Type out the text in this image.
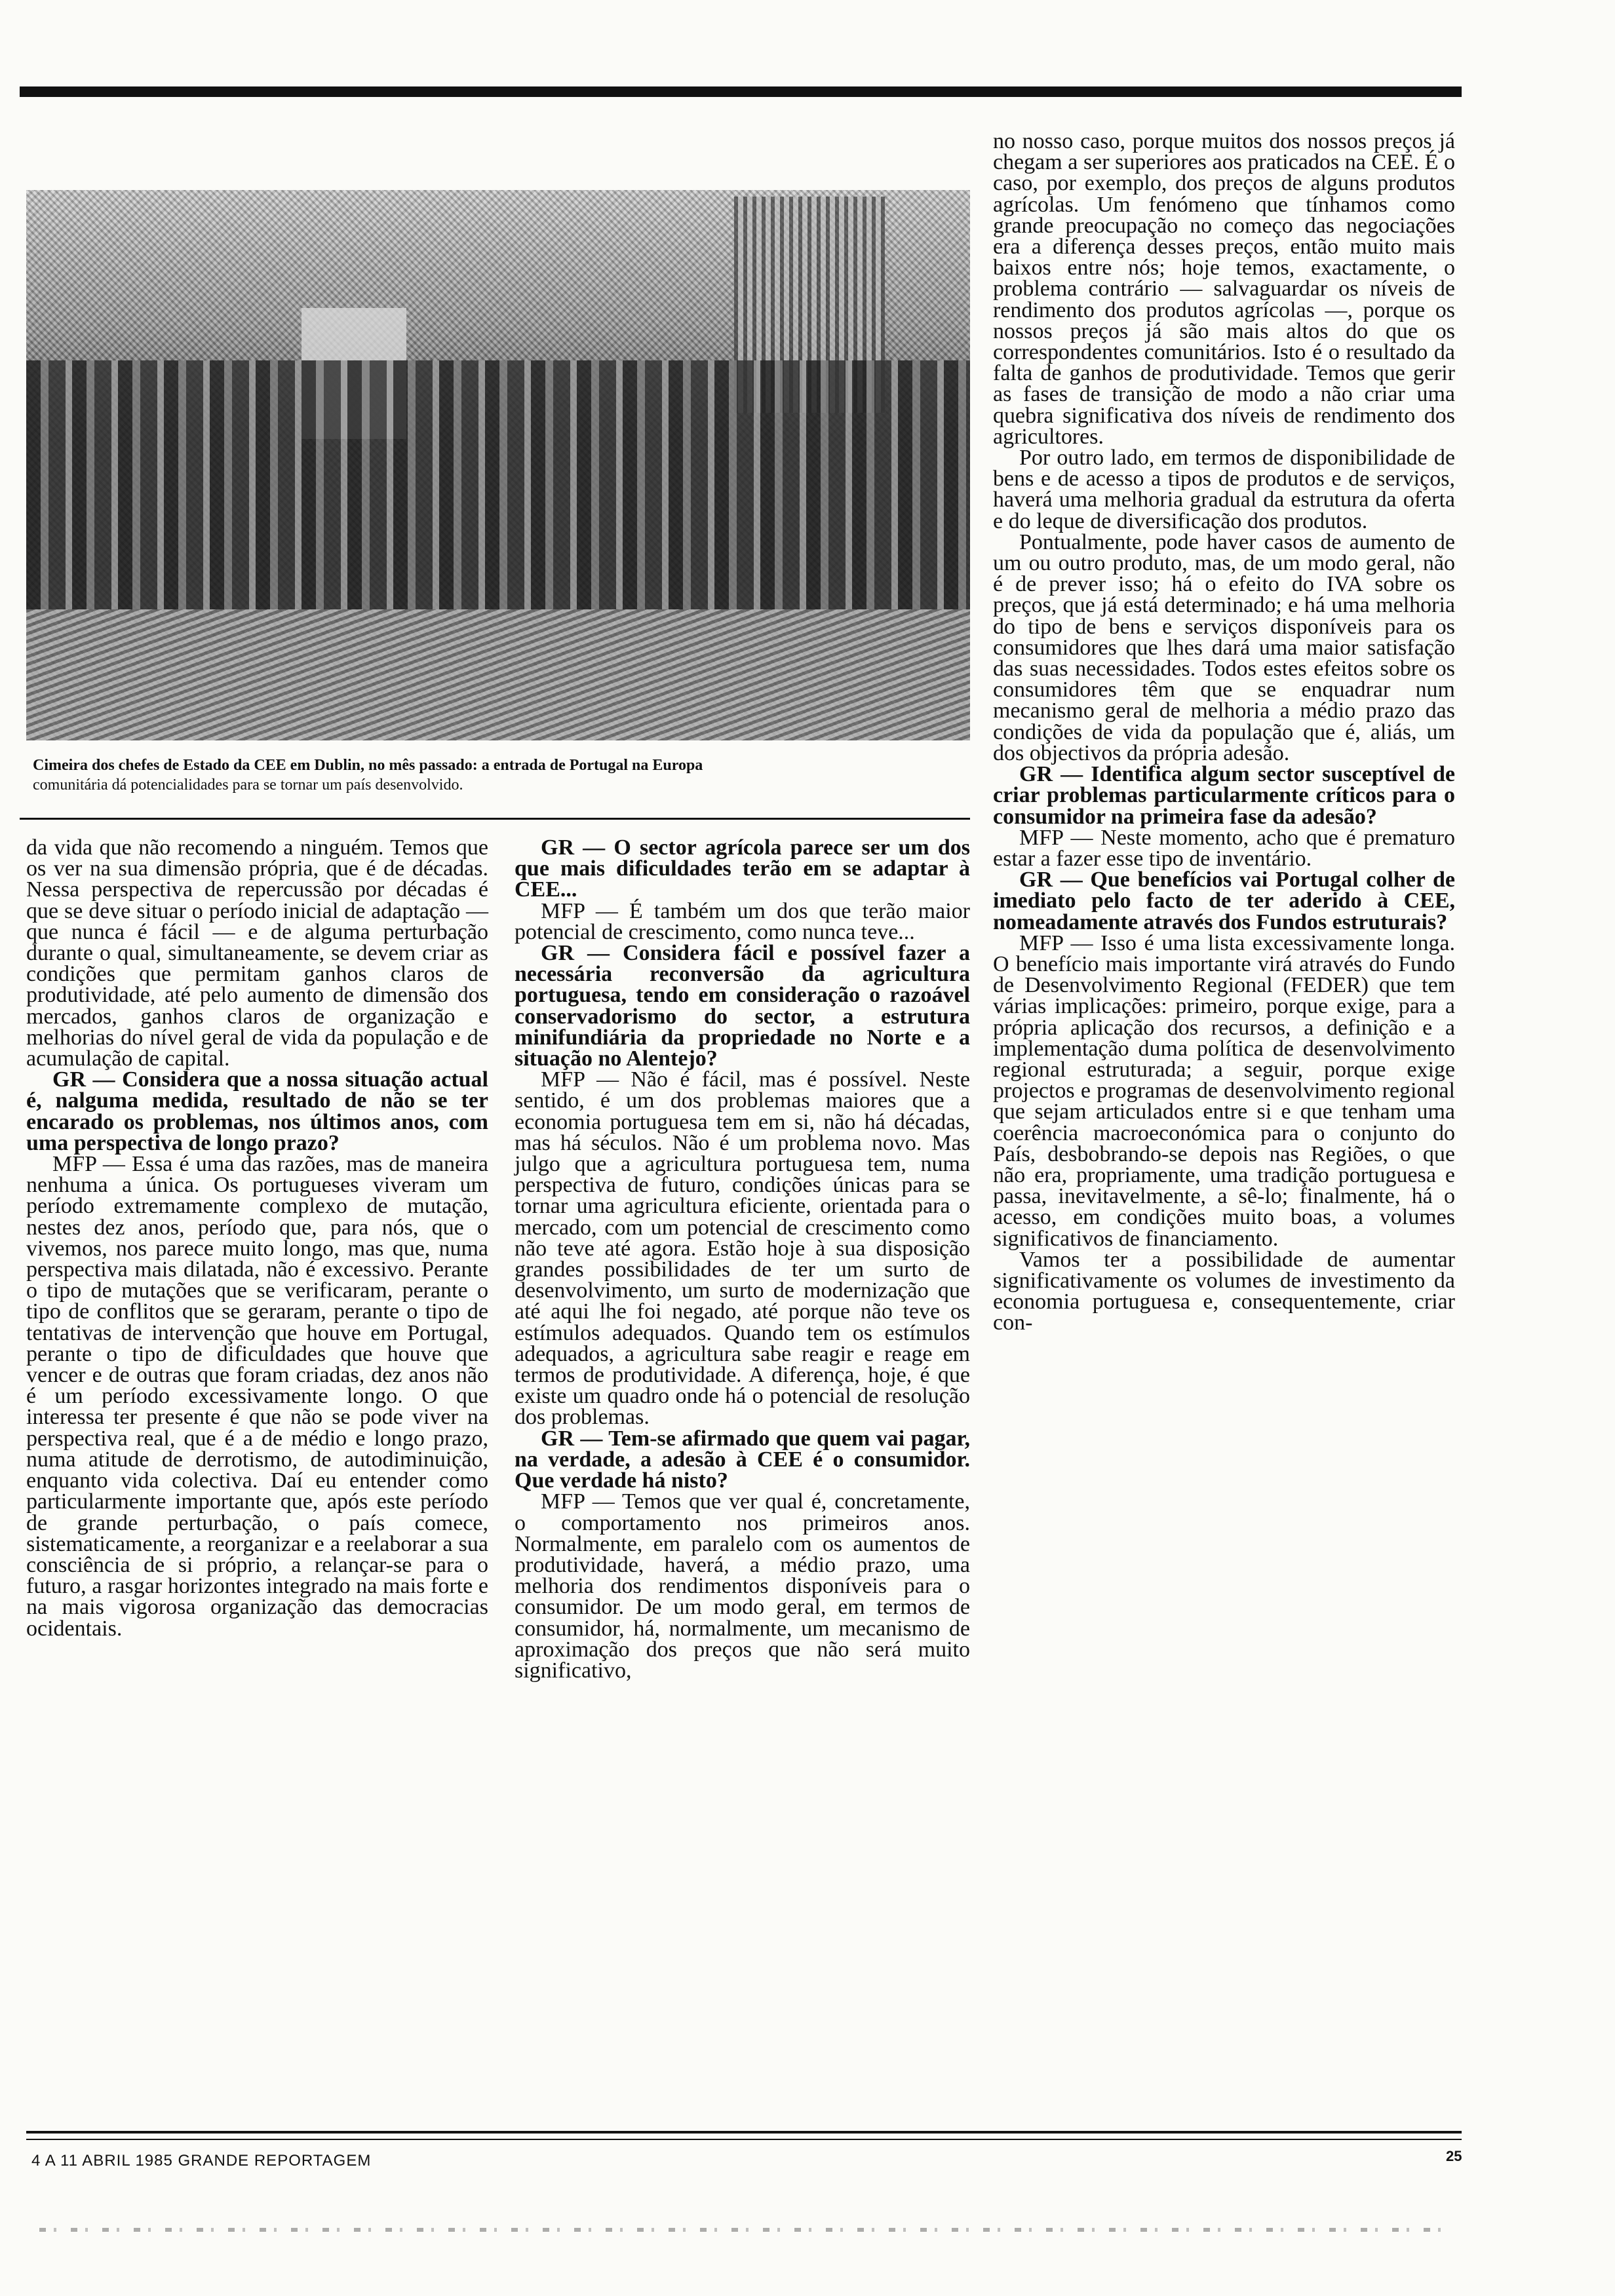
Cimeira dos chefes de Estado da CEE em Dublin, no mês passado: a entrada de Portugal na Europa
comunitária dá potencialidades para se tornar um país desenvolvido.

da vida que não recomendo a ninguém. Temos que os ver na sua dimensão própria, que é de décadas. Nessa perspectiva de repercussão por décadas é que se deve situar o período inicial de adaptação — que nunca é fácil — e de alguma perturbação durante o qual, simultaneamente, se devem criar as condições que permitam ganhos claros de produtividade, até pelo aumento de dimensão dos mercados, ganhos claros de organização e melhorias do nível geral de vida da população e de acumulação de capital.

GR — Considera que a nossa situação actual é, nalguma medida, resultado de não se ter encarado os problemas, nos últimos anos, com uma perspectiva de longo prazo?

MFP — Essa é uma das razões, mas de maneira nenhuma a única. Os portugueses viveram um período extremamente complexo de mutação, nestes dez anos, período que, para nós, que o vivemos, nos parece muito longo, mas que, numa perspectiva mais dilatada, não é excessivo. Perante o tipo de mutações que se verificaram, perante o tipo de conflitos que se geraram, perante o tipo de tentativas de intervenção que houve em Portugal, perante o tipo de dificuldades que houve que vencer e de outras que foram criadas, dez anos não é um período excessivamente longo. O que interessa ter presente é que não se pode viver na perspectiva real, que é a de médio e longo prazo, numa atitude de derrotismo, de autodiminuição, enquanto vida colectiva. Daí eu entender como particularmente importante que, após este período de grande perturbação, o país comece, sistematicamente, a reorganizar e a reelaborar a sua consciência de si próprio, a relançar-se para o futuro, a rasgar horizontes integrado na mais forte e na mais vigorosa organização das democracias ocidentais.

GR — O sector agrícola parece ser um dos que mais dificuldades terão em se adaptar à CEE...

MFP — É também um dos que terão maior potencial de crescimento, como nunca teve...

GR — Considera fácil e possível fazer a necessária reconversão da agricultura portuguesa, tendo em consideração o razoável conservadorismo do sector, a estrutura minifundiária da propriedade no Norte e a situação no Alentejo?

MFP — Não é fácil, mas é possível. Neste sentido, é um dos problemas maiores que a economia portuguesa tem em si, não há décadas, mas há séculos. Não é um problema novo. Mas julgo que a agricultura portuguesa tem, numa perspectiva de futuro, condições únicas para se tornar uma agricultura eficiente, orientada para o mercado, com um potencial de crescimento como não teve até agora. Estão hoje à sua disposição grandes possibilidades de ter um surto de desenvolvimento, um surto de modernização que até aqui lhe foi negado, até porque não teve os estímulos adequados. Quando tem os estímulos adequados, a agricultura sabe reagir e reage em termos de produtividade. A diferença, hoje, é que existe um quadro onde há o potencial de resolução dos problemas.

GR — Tem-se afirmado que quem vai pagar, na verdade, a adesão à CEE é o consumidor. Que verdade há nisto?

MFP — Temos que ver qual é, concretamente, o comportamento nos primeiros anos. Normalmente, em paralelo com os aumentos de produtividade, haverá, a médio prazo, uma melhoria dos rendimentos disponíveis para o consumidor. De um modo geral, em termos de consumidor, há, normalmente, um mecanismo de aproximação dos preços que não será muito significativo,

no nosso caso, porque muitos dos nossos preços já chegam a ser superiores aos praticados na CEE. É o caso, por exemplo, dos preços de alguns produtos agrícolas. Um fenómeno que tínhamos como grande preocupação no começo das negociações era a diferença desses preços, então muito mais baixos entre nós; hoje temos, exactamente, o problema contrário — salvaguardar os níveis de rendimento dos produtos agrícolas —, porque os nossos preços já são mais altos do que os correspondentes comunitários. Isto é o resultado da falta de ganhos de produtividade. Temos que gerir as fases de transição de modo a não criar uma quebra significativa dos níveis de rendimento dos agricultores.

Por outro lado, em termos de disponibilidade de bens e de acesso a tipos de produtos e de serviços, haverá uma melhoria gradual da estrutura da oferta e do leque de diversificação dos produtos.

Pontualmente, pode haver casos de aumento de um ou outro produto, mas, de um modo geral, não é de prever isso; há o efeito do IVA sobre os preços, que já está determinado; e há uma melhoria do tipo de bens e serviços disponíveis para os consumidores que lhes dará uma maior satisfação das suas necessidades. Todos estes efeitos sobre os consumidores têm que se enquadrar num mecanismo geral de melhoria a médio prazo das condições de vida da população que é, aliás, um dos objectivos da própria adesão.

GR — Identifica algum sector susceptível de criar problemas particularmente críticos para o consumidor na primeira fase da adesão?

MFP — Neste momento, acho que é prematuro estar a fazer esse tipo de inventário.

GR — Que benefícios vai Portugal colher de imediato pelo facto de ter aderido à CEE, nomeadamente através dos Fundos estruturais?

MFP — Isso é uma lista excessivamente longa. O benefício mais importante virá através do Fundo de Desenvolvimento Regional (FEDER) que tem várias implicações: primeiro, porque exige, para a própria aplicação dos recursos, a definição e a implementação duma política de desenvolvimento regional estruturada; a seguir, porque exige projectos e programas de desenvolvimento regional que sejam articulados entre si e que tenham uma coerência macroeconómica para o conjunto do País, desbobrando-se depois nas Regiões, o que não era, propriamente, uma tradição portuguesa e passa, inevitavelmente, a sê-lo; finalmente, há o acesso, em condições muito boas, a volumes significativos de financiamento.

Vamos ter a possibilidade de aumentar significativamente os volumes de investimento da economia portuguesa e, consequentemente, criar con-

4 A 11 ABRIL 1985 GRANDE REPORTAGEM	25
